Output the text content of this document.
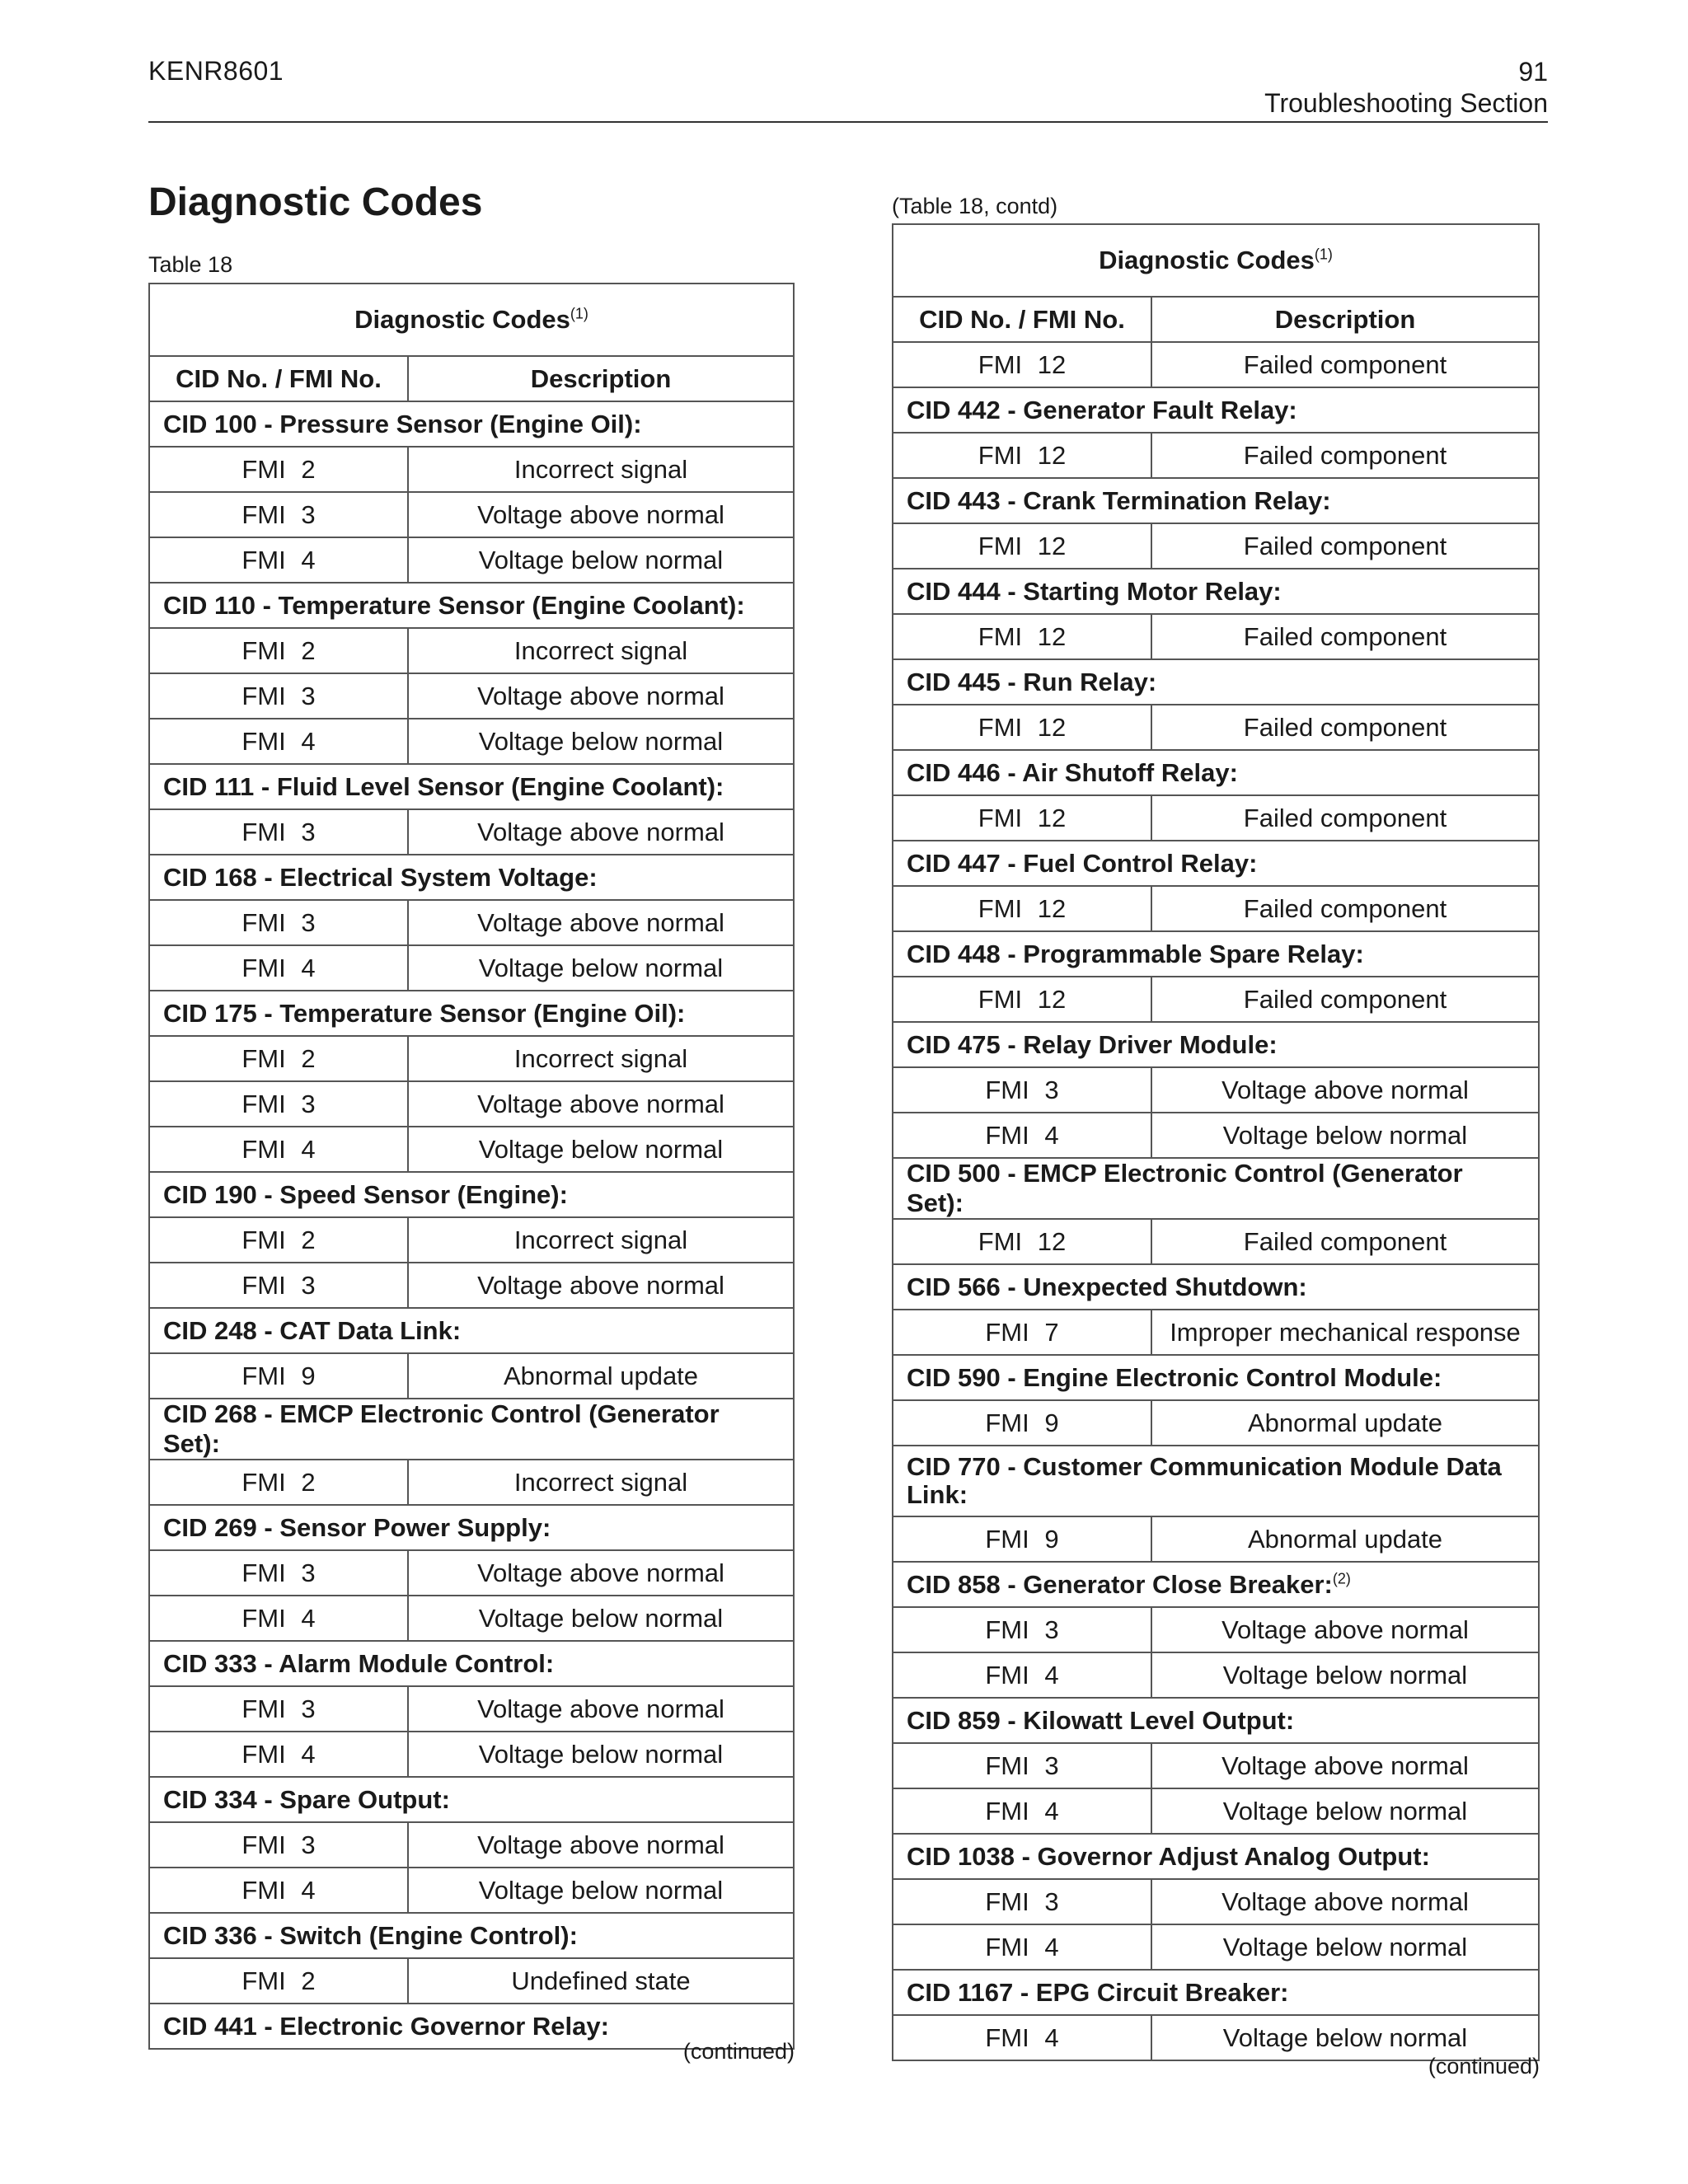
KENR8601	91
Troubleshooting Section
Diagnostic Codes
Table 18
(Table 18, contd)
Diagnostic Codes$^{(1)}$
CID No. / FMI No.	Description
CID 100 - Pressure Sensor (Engine Oil):	
FMI 2	Incorrect signal
FMI 3	Voltage above normal
FMI 4	Voltage below normal
CID 110 - Temperature Sensor (Engine Coolant):	
FMI 2	Incorrect signal
FMI 3	Voltage above normal
FMI 4	Voltage below normal
CID 111 - Fluid Level Sensor (Engine Coolant):	
FMI 3	Voltage above normal
CID 168 - Electrical System Voltage:	
FMI 3	Voltage above normal
FMI 4	Voltage below normal
CID 175 - Temperature Sensor (Engine Oil):	
FMI 2	Incorrect signal
FMI 3	Voltage above normal
FMI 4	Voltage below normal
CID 190 - Speed Sensor (Engine):	
FMI 2	Incorrect signal
FMI 3	Voltage above normal
CID 248 - CAT Data Link:	
FMI 9	Abnormal update
CID 268 - EMCP Electronic Control (Generator Set):	
FMI 2	Incorrect signal
CID 269 - Sensor Power Supply:	
FMI 3	Voltage above normal
FMI 4	Voltage below normal
CID 333 - Alarm Module Control:	
FMI 3	Voltage above normal
FMI 4	Voltage below normal
CID 334 - Spare Output:	
FMI 3	Voltage above normal
FMI 4	Voltage below normal
CID 336 - Switch (Engine Control):	
FMI 2	Undefined state
CID 441 - Electronic Governor Relay:	
(continued)
Diagnostic Codes$^{(1)}$
CID No. / FMI No.	Description
FMI 12	Failed component
CID 442 - Generator Fault Relay:	
FMI 12	Failed component
CID 443 - Crank Termination Relay:	
FMI 12	Failed component
CID 444 - Starting Motor Relay:	
FMI 12	Failed component
CID 445 - Run Relay:	
FMI 12	Failed component
CID 446 - Air Shutoff Relay:	
FMI 12	Failed component
CID 447 - Fuel Control Relay:	
FMI 12	Failed component
CID 448 - Programmable Spare Relay:	
FMI 12	Failed component
CID 475 - Relay Driver Module:	
FMI 3	Voltage above normal
FMI 4	Voltage below normal
CID 500 - EMCP Electronic Control (Generator Set):	
FMI 12	Failed component
CID 566 - Unexpected Shutdown:	
FMI 7	Improper mechanical response
CID 590 - Engine Electronic Control Module:	
FMI 9	Abnormal update
CID 770 - Customer Communication Module Data Link:	
FMI 9	Abnormal update
CID 858 - Generator Close Breaker:$^{(2)}$
FMI 3	Voltage above normal
FMI 4	Voltage below normal
CID 859 - Kilowatt Level Output:	
FMI 3	Voltage above normal
FMI 4	Voltage below normal
CID 1038 - Governor Adjust Analog Output:	
FMI 3	Voltage above normal
FMI 4	Voltage below normal
CID 1167 - EPG Circuit Breaker:	
FMI 4	Voltage below normal
(continued)
